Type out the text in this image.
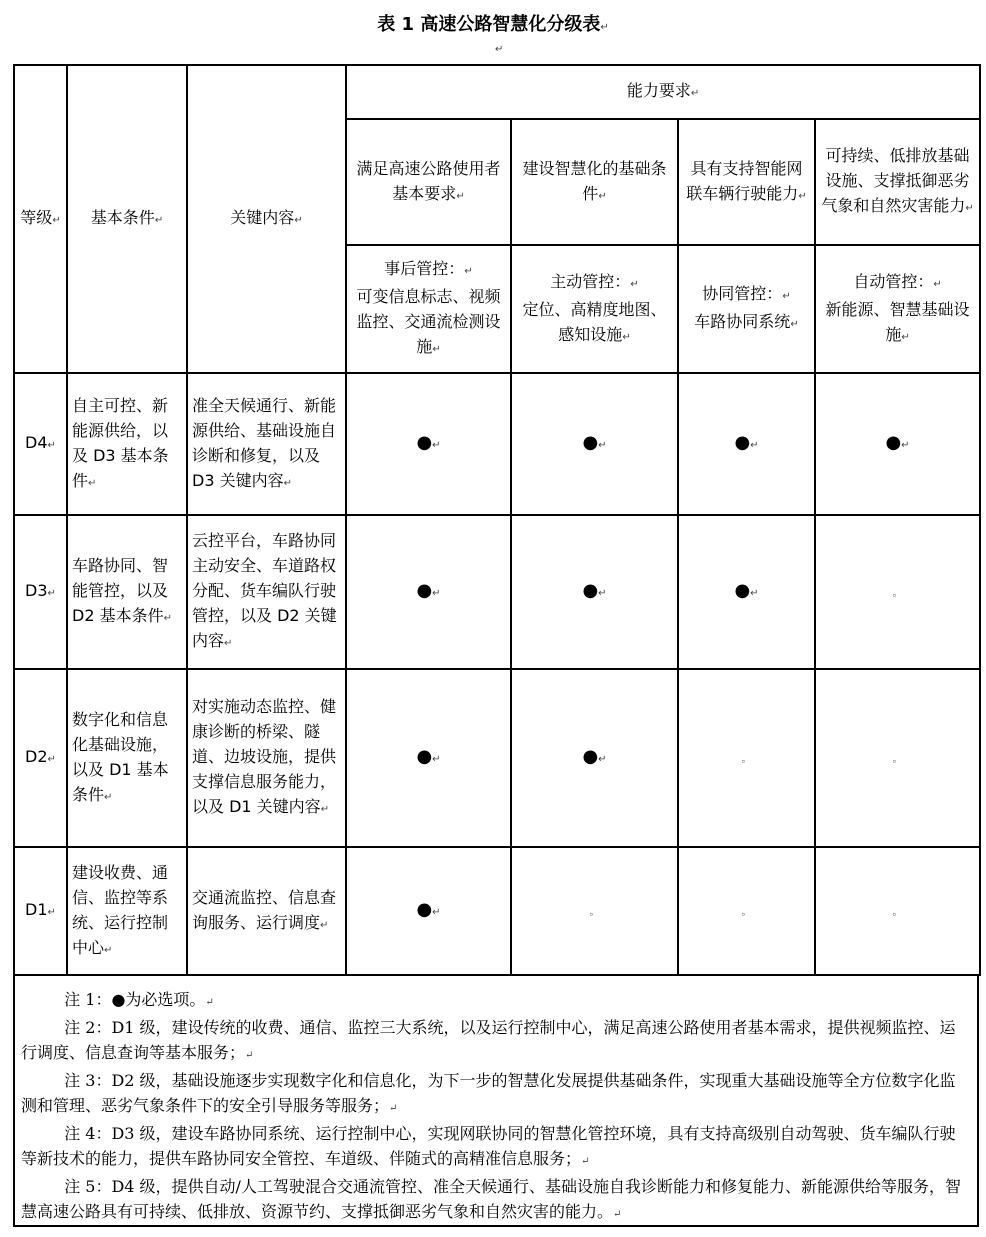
表 1 高速公路智慧化分级表↵
↵
等级↵	基本条件↵	关键内容↵	能力要求↵			
			满足高速公路使用者基本要求↵	建设智慧化的基础条件↵	具有支持智能网联车辆行驶能力↵	可持续、低排放基础设施、支撑抵御恶劣气象和自然灾害能力↵
			事后管控：↵
可变信息标志、视频监控、交通流检测设施↵	主动管控：↵
定位、高精度地图、感知设施↵	协同管控：↵
车路协同系统↵	自动管控：↵
新能源、智慧基础设施↵
D4↵	自主可控、新能源供给，以及 D3 基本条件↵	准全天候通行、新能源供给、基础设施自诊断和修复，以及 D3 关键内容↵	●↵	●↵	●↵	●↵
D3↵	车路协同、智能管控，以及 D2 基本条件↵	云控平台，车路协同主动安全、车道路权分配、货车编队行驶管控，以及 D2 关键内容↵	●↵	●↵	●↵	。
D2↵	数字化和信息化基础设施，以及 D1 基本条件↵	对实施动态监控、健康诊断的桥梁、隧道、边坡设施，提供支撑信息服务能力，以及 D1 关键内容↵	●↵	●↵	。	。
D1↵	建设收费、通信、监控等系统、运行控制中心↵	交通流监控、信息查询服务、运行调度↵	●↵	。	。	。

注 1：●为必选项。↵

注 2：D1 级，建设传统的收费、通信、监控三大系统，以及运行控制中心，满足高速公路使用者基本需求，提供视频监控、运行调度、信息查询等基本服务；↵

注 3：D2 级，基础设施逐步实现数字化和信息化，为下一步的智慧化发展提供基础条件，实现重大基础设施等全方位数字化监测和管理、恶劣气象条件下的安全引导服务等服务；↵

注 4：D3 级，建设车路协同系统、运行控制中心，实现网联协同的智慧化管控环境，具有支持高级别自动驾驶、货车编队行驶等新技术的能力，提供车路协同安全管控、车道级、伴随式的高精准信息服务；↵

注 5：D4 级，提供自动/人工驾驶混合交通流管控、准全天候通行、基础设施自我诊断能力和修复能力、新能源供给等服务，智慧高速公路具有可持续、低排放、资源节约、支撑抵御恶劣气象和自然灾害的能力。↵
